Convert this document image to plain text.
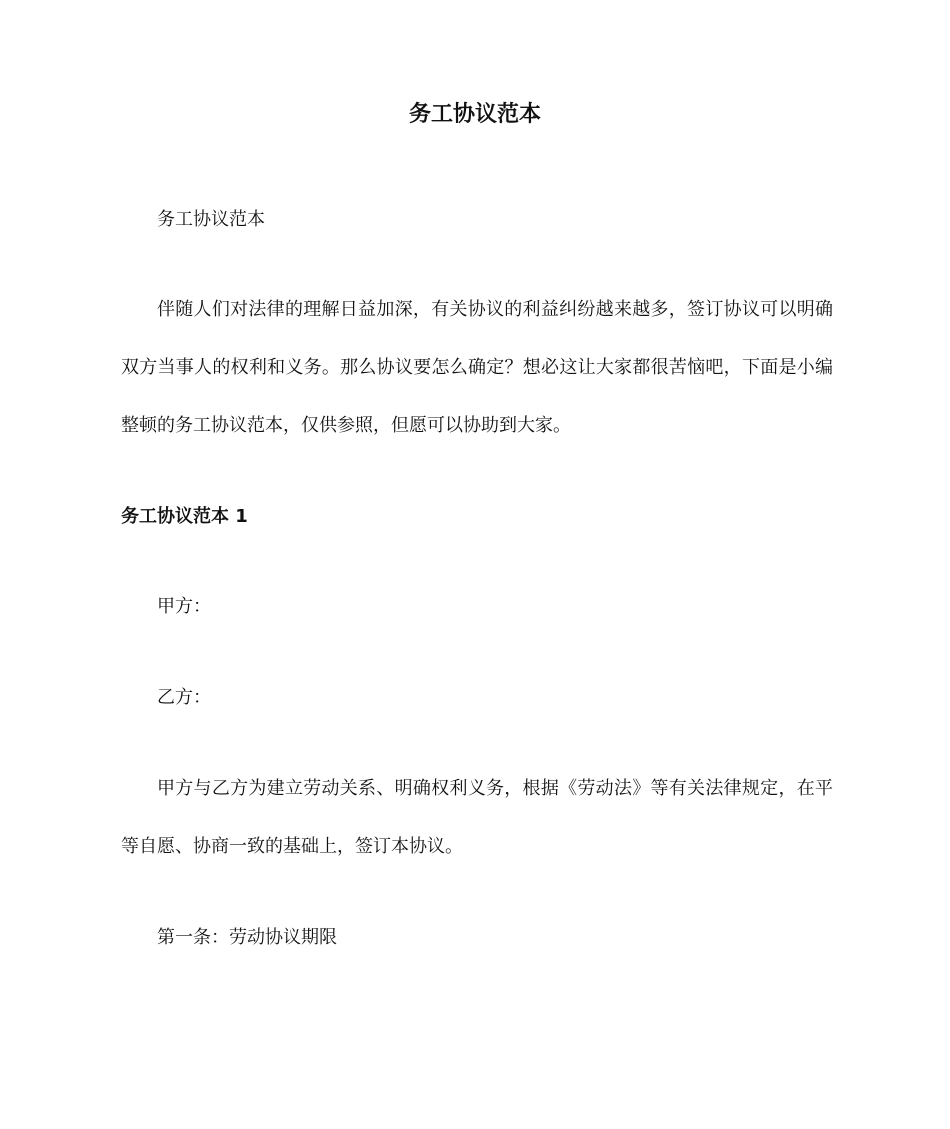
务工协议范本
务工协议范本
伴随人们对法律的理解日益加深，有关协议的利益纠纷越来越多，签订协议可以明确
双方当事人的权利和义务。那么协议要怎么确定？想必这让大家都很苦恼吧，下面是小编
整顿的务工协议范本，仅供参照，但愿可以协助到大家。
务工协议范本 1
甲方：
乙方：
甲方与乙方为建立劳动关系、明确权利义务，根据《劳动法》等有关法律规定，在平
等自愿、协商一致的基础上，签订本协议。
第一条：劳动协议期限
